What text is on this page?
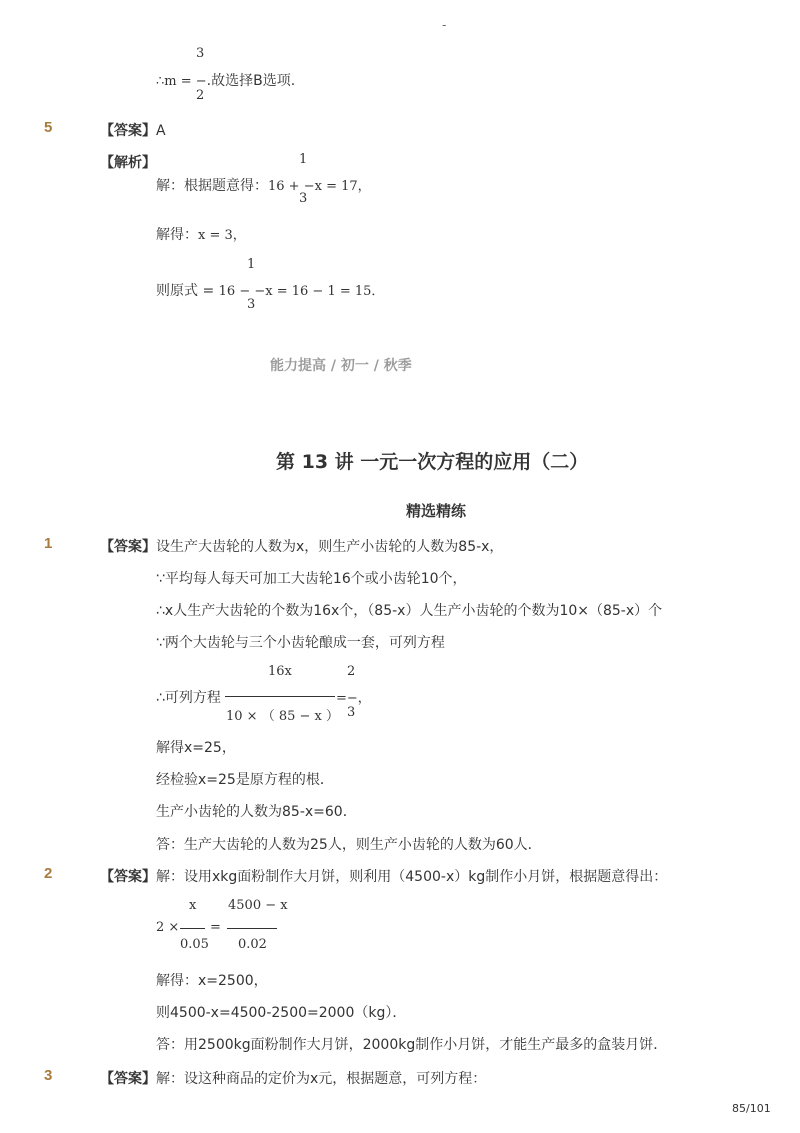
-
3
∴m = −.故选择B选项.
2
5	【答案】A
【解析】	1
解：根据题意得：16 + −x = 17，
3
解得：x = 3，
1
则原式 = 16 − −x = 16 − 1 = 15．
3
能力提高 / 初一 / 秋季
第 13 讲 一元一次方程的应用（二）
精选精练
1	【答案】 设生产大齿轮的人数为x，则生产小齿轮的人数为85-x，
∵平均每人每天可加工大齿轮16个或小齿轮10个，
∴x人生产大齿轮的个数为16x个，（85-x）人生产小齿轮的个数为10×（85-x）个
∵两个大齿轮与三个小齿轮酿成一套，可列方程
16x	2
∴可列方程	=−，
10 × （ 85 − x ） 3
解得x=25，
经检验x=25是原方程的根．
生产小齿轮的人数为85-x=60．
答：生产大齿轮的人数为25人，则生产小齿轮的人数为60人．
2	【答案】 解：设用xkg面粉制作大月饼，则利用（4500-x）kg制作小月饼，根据题意得出：
x 4500 − x
2 × =
0.05 0.02
解得：x=2500，
则4500-x=4500-2500=2000（kg）．
答：用2500kg面粉制作大月饼，2000kg制作小月饼，才能生产最多的盒装月饼．
3	【答案】 解：设这种商品的定价为x元，根据题意，可列方程：
85/101
